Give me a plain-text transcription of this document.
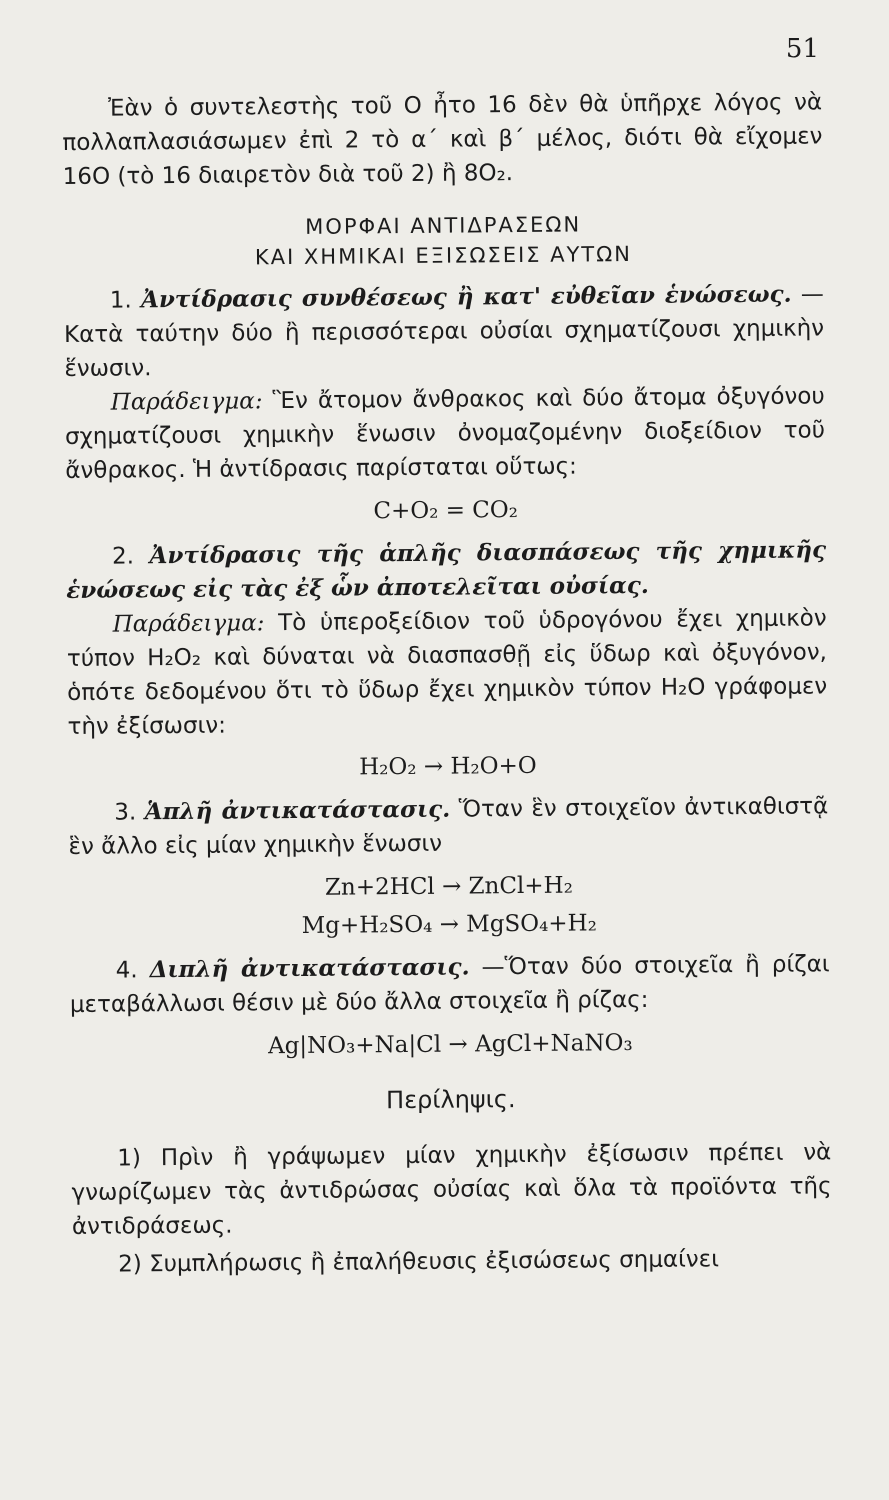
51

Ἐὰν ὁ συντελεστὴς τοῦ Ο ἦτο 16 δὲν θὰ ὑπῆρχε λόγος νὰ πολλαπλασιάσωμεν ἐπὶ 2 τὸ α΄ καὶ β΄ μέλος, διότι θὰ εἴχομεν 16Ο (τὸ 16 διαιρετὸν διὰ τοῦ 2) ἢ 8Ο₂.

ΜΟΡΦΑΙ ΑΝΤΙΔΡΑΣΕΩΝ

ΚΑΙ ΧΗΜΙΚΑΙ ΕΞΙΣΩΣΕΙΣ ΑΥΤΩΝ

1. Ἀντίδρασις συνθέσεως ἢ κατ' εὐθεῖαν ἑνώσεως. — Κατὰ ταύτην δύο ἢ περισσότεραι οὐσίαι σχηματίζουσι χημικὴν ἕνωσιν.

Παράδειγμα: Ἓν ἄτομον ἄνθρακος καὶ δύο ἄτομα ὀξυγόνου σχηματίζουσι χημικὴν ἕνωσιν ὀνομαζομένην διοξείδιον τοῦ ἄνθρακος. Ἡ ἀντίδρασις παρίσταται οὕτως:

C+O₂ = CO₂

2. Ἀντίδρασις τῆς ἁπλῆς διασπάσεως τῆς χημικῆς ἑνώσεως εἰς τὰς ἐξ ὧν ἀποτελεῖται οὐσίας.

Παράδειγμα: Τὸ ὑπεροξείδιον τοῦ ὑδρογόνου ἔχει χημικὸν τύπον H₂O₂ καὶ δύναται νὰ διασπασθῇ εἰς ὕδωρ καὶ ὀξυγόνον, ὁπότε δεδομένου ὅτι τὸ ὕδωρ ἔχει χημικὸν τύπον H₂O γράφομεν τὴν ἐξίσωσιν:

H₂O₂ → H₂O+O

3. Ἁπλῆ ἀντικατάστασις. Ὅταν ἓν στοιχεῖον ἀντικαθιστᾷ ἓν ἄλλο εἰς μίαν χημικὴν ἕνωσιν

Zn+2HCl → ZnCl+H₂
Mg+H₂SO₄ → MgSO₄+H₂

4. Διπλῆ ἀντικατάστασις. —Ὅταν δύο στοιχεῖα ἢ ρίζαι μεταβάλλωσι θέσιν μὲ δύο ἄλλα στοιχεῖα ἢ ρίζας:

Ag|NO₃+Na|Cl → AgCl+NaNO₃
Περίληψις.

1) Πρὶν ἢ γράψωμεν μίαν χημικὴν ἐξίσωσιν πρέπει νὰ γνωρίζωμεν τὰς ἀντιδρώσας οὐσίας καὶ ὅλα τὰ προϊόντα τῆς ἀντιδράσεως.

2) Συμπλήρωσις ἢ ἐπαλήθευσις ἐξισώσεως σημαίνει
